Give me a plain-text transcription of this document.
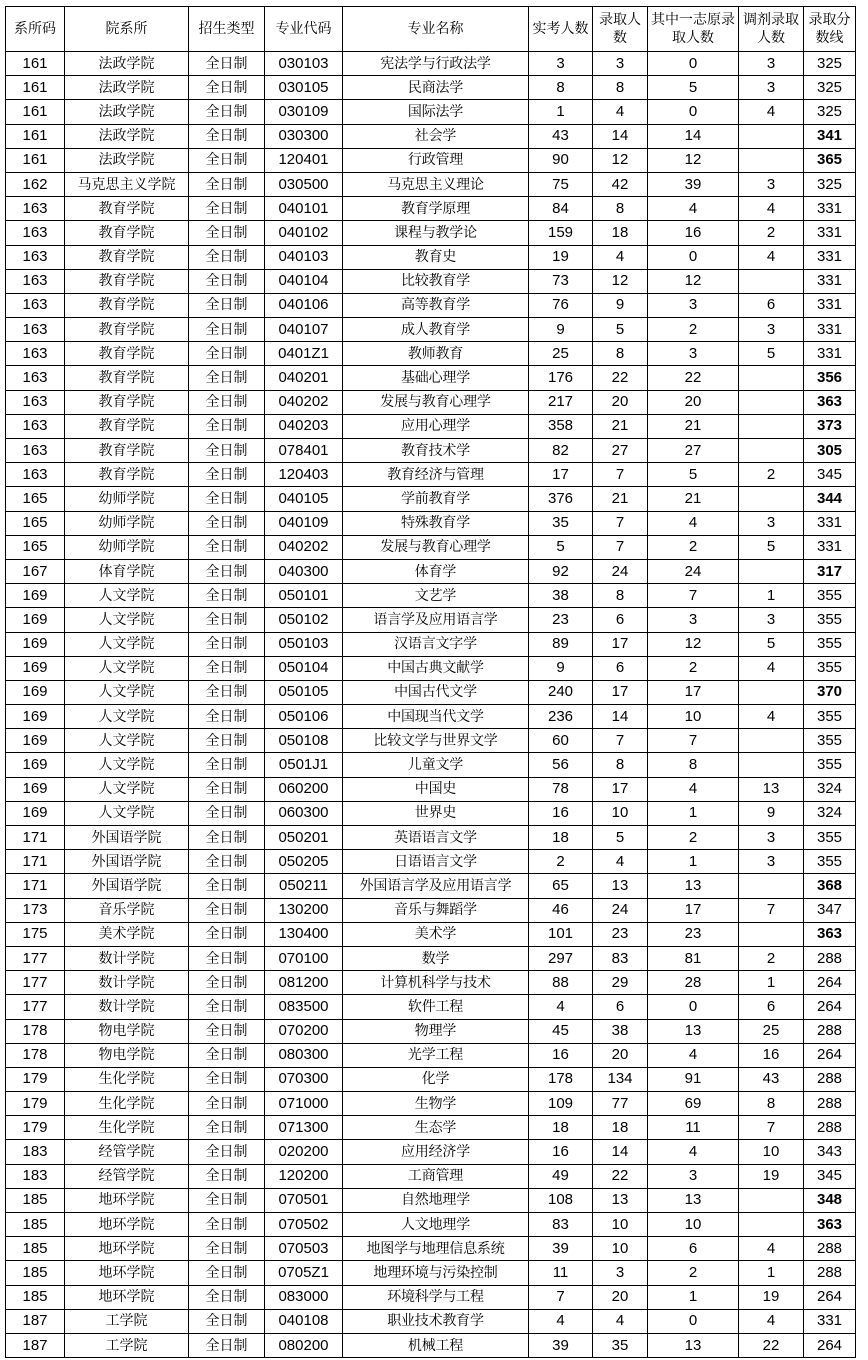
系所码	院系所	招生类型	专业代码	专业名称	实考人数	录取人数	其中一志原录取人数	调剂录取人数	录取分数线
161	法政学院	全日制	030103	宪法学与行政法学	3	3	0	3	325
161	法政学院	全日制	030105	民商法学	8	8	5	3	325
161	法政学院	全日制	030109	国际法学	1	4	0	4	325
161	法政学院	全日制	030300	社会学	43	14	14		341
161	法政学院	全日制	120401	行政管理	90	12	12		365
162	马克思主义学院	全日制	030500	马克思主义理论	75	42	39	3	325
163	教育学院	全日制	040101	教育学原理	84	8	4	4	331
163	教育学院	全日制	040102	课程与教学论	159	18	16	2	331
163	教育学院	全日制	040103	教育史	19	4	0	4	331
163	教育学院	全日制	040104	比较教育学	73	12	12		331
163	教育学院	全日制	040106	高等教育学	76	9	3	6	331
163	教育学院	全日制	040107	成人教育学	9	5	2	3	331
163	教育学院	全日制	0401Z1	教师教育	25	8	3	5	331
163	教育学院	全日制	040201	基础心理学	176	22	22		356
163	教育学院	全日制	040202	发展与教育心理学	217	20	20		363
163	教育学院	全日制	040203	应用心理学	358	21	21		373
163	教育学院	全日制	078401	教育技术学	82	27	27		305
163	教育学院	全日制	120403	教育经济与管理	17	7	5	2	345
165	幼师学院	全日制	040105	学前教育学	376	21	21		344
165	幼师学院	全日制	040109	特殊教育学	35	7	4	3	331
165	幼师学院	全日制	040202	发展与教育心理学	5	7	2	5	331
167	体育学院	全日制	040300	体育学	92	24	24		317
169	人文学院	全日制	050101	文艺学	38	8	7	1	355
169	人文学院	全日制	050102	语言学及应用语言学	23	6	3	3	355
169	人文学院	全日制	050103	汉语言文字学	89	17	12	5	355
169	人文学院	全日制	050104	中国古典文献学	9	6	2	4	355
169	人文学院	全日制	050105	中国古代文学	240	17	17		370
169	人文学院	全日制	050106	中国现当代文学	236	14	10	4	355
169	人文学院	全日制	050108	比较文学与世界文学	60	7	7		355
169	人文学院	全日制	0501J1	儿童文学	56	8	8		355
169	人文学院	全日制	060200	中国史	78	17	4	13	324
169	人文学院	全日制	060300	世界史	16	10	1	9	324
171	外国语学院	全日制	050201	英语语言文学	18	5	2	3	355
171	外国语学院	全日制	050205	日语语言文学	2	4	1	3	355
171	外国语学院	全日制	050211	外国语言学及应用语言学	65	13	13		368
173	音乐学院	全日制	130200	音乐与舞蹈学	46	24	17	7	347
175	美术学院	全日制	130400	美术学	101	23	23		363
177	数计学院	全日制	070100	数学	297	83	81	2	288
177	数计学院	全日制	081200	计算机科学与技术	88	29	28	1	264
177	数计学院	全日制	083500	软件工程	4	6	0	6	264
178	物电学院	全日制	070200	物理学	45	38	13	25	288
178	物电学院	全日制	080300	光学工程	16	20	4	16	264
179	生化学院	全日制	070300	化学	178	134	91	43	288
179	生化学院	全日制	071000	生物学	109	77	69	8	288
179	生化学院	全日制	071300	生态学	18	18	11	7	288
183	经管学院	全日制	020200	应用经济学	16	14	4	10	343
183	经管学院	全日制	120200	工商管理	49	22	3	19	345
185	地环学院	全日制	070501	自然地理学	108	13	13		348
185	地环学院	全日制	070502	人文地理学	83	10	10		363
185	地环学院	全日制	070503	地图学与地理信息系统	39	10	6	4	288
185	地环学院	全日制	0705Z1	地理环境与污染控制	11	3	2	1	288
185	地环学院	全日制	083000	环境科学与工程	7	20	1	19	264
187	工学院	全日制	040108	职业技术教育学	4	4	0	4	331
187	工学院	全日制	080200	机械工程	39	35	13	22	264
